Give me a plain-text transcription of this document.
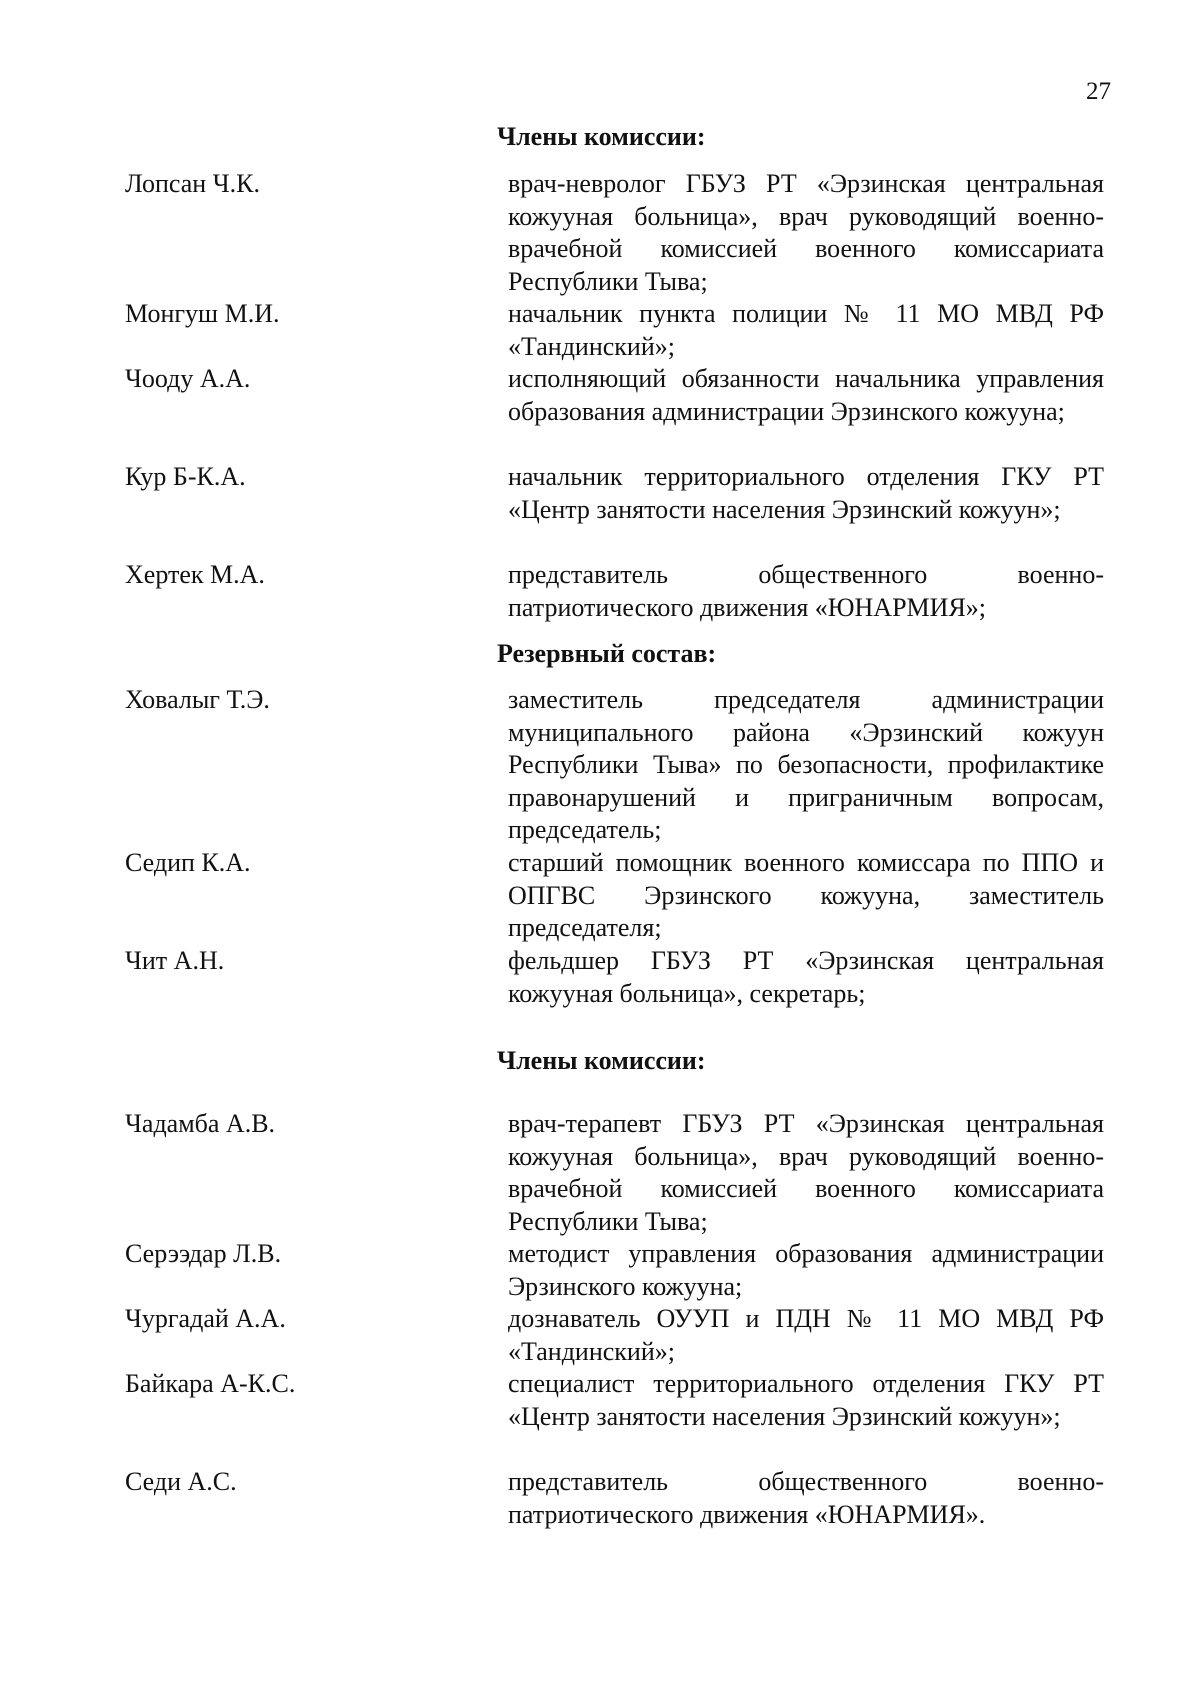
27
Члены комиссии:
Лопсан Ч.К.	врач-невролог ГБУЗ РТ «Эрзинская центральная кожууная больница», врач руководящий военно-врачебной комиссией военного комиссариата Республики Тыва;
Монгуш М.И.	начальник пункта полиции № 11 МО МВД РФ «Тандинский»;
Чооду А.А.	исполняющий обязанности начальника управления образования администрации Эрзинского кожууна;
Кур Б-К.А.	начальник территориального отделения ГКУ РТ «Центр занятости населения Эрзинский кожуун»;
Хертек М.А.	представитель общественного военно-патриотического движения «ЮНАРМИЯ»;
Резервный состав:
Ховалыг Т.Э.	заместитель председателя администрации муниципального района «Эрзинский кожуун Республики Тыва» по безопасности, профилактике правонарушений и приграничным вопросам, председатель;
Седип К.А.	старший помощник военного комиссара по ППО и ОПГВС Эрзинского кожууна, заместитель председателя;
Чит А.Н.	фельдшер ГБУЗ РТ «Эрзинская центральная кожууная больница», секретарь;
Члены комиссии:
Чадамба А.В.	врач-терапевт ГБУЗ РТ «Эрзинская центральная кожууная больница», врач руководящий военно-врачебной комиссией военного комиссариата Республики Тыва;
Серээдар Л.В.	методист управления образования администрации Эрзинского кожууна;
Чургадай А.А.	дознаватель ОУУП и ПДН № 11 МО МВД РФ «Тандинский»;
Байкара А-К.С.	специалист территориального отделения ГКУ РТ «Центр занятости населения Эрзинский кожуун»;
Седи А.С.	представитель общественного военно-патриотического движения «ЮНАРМИЯ».
